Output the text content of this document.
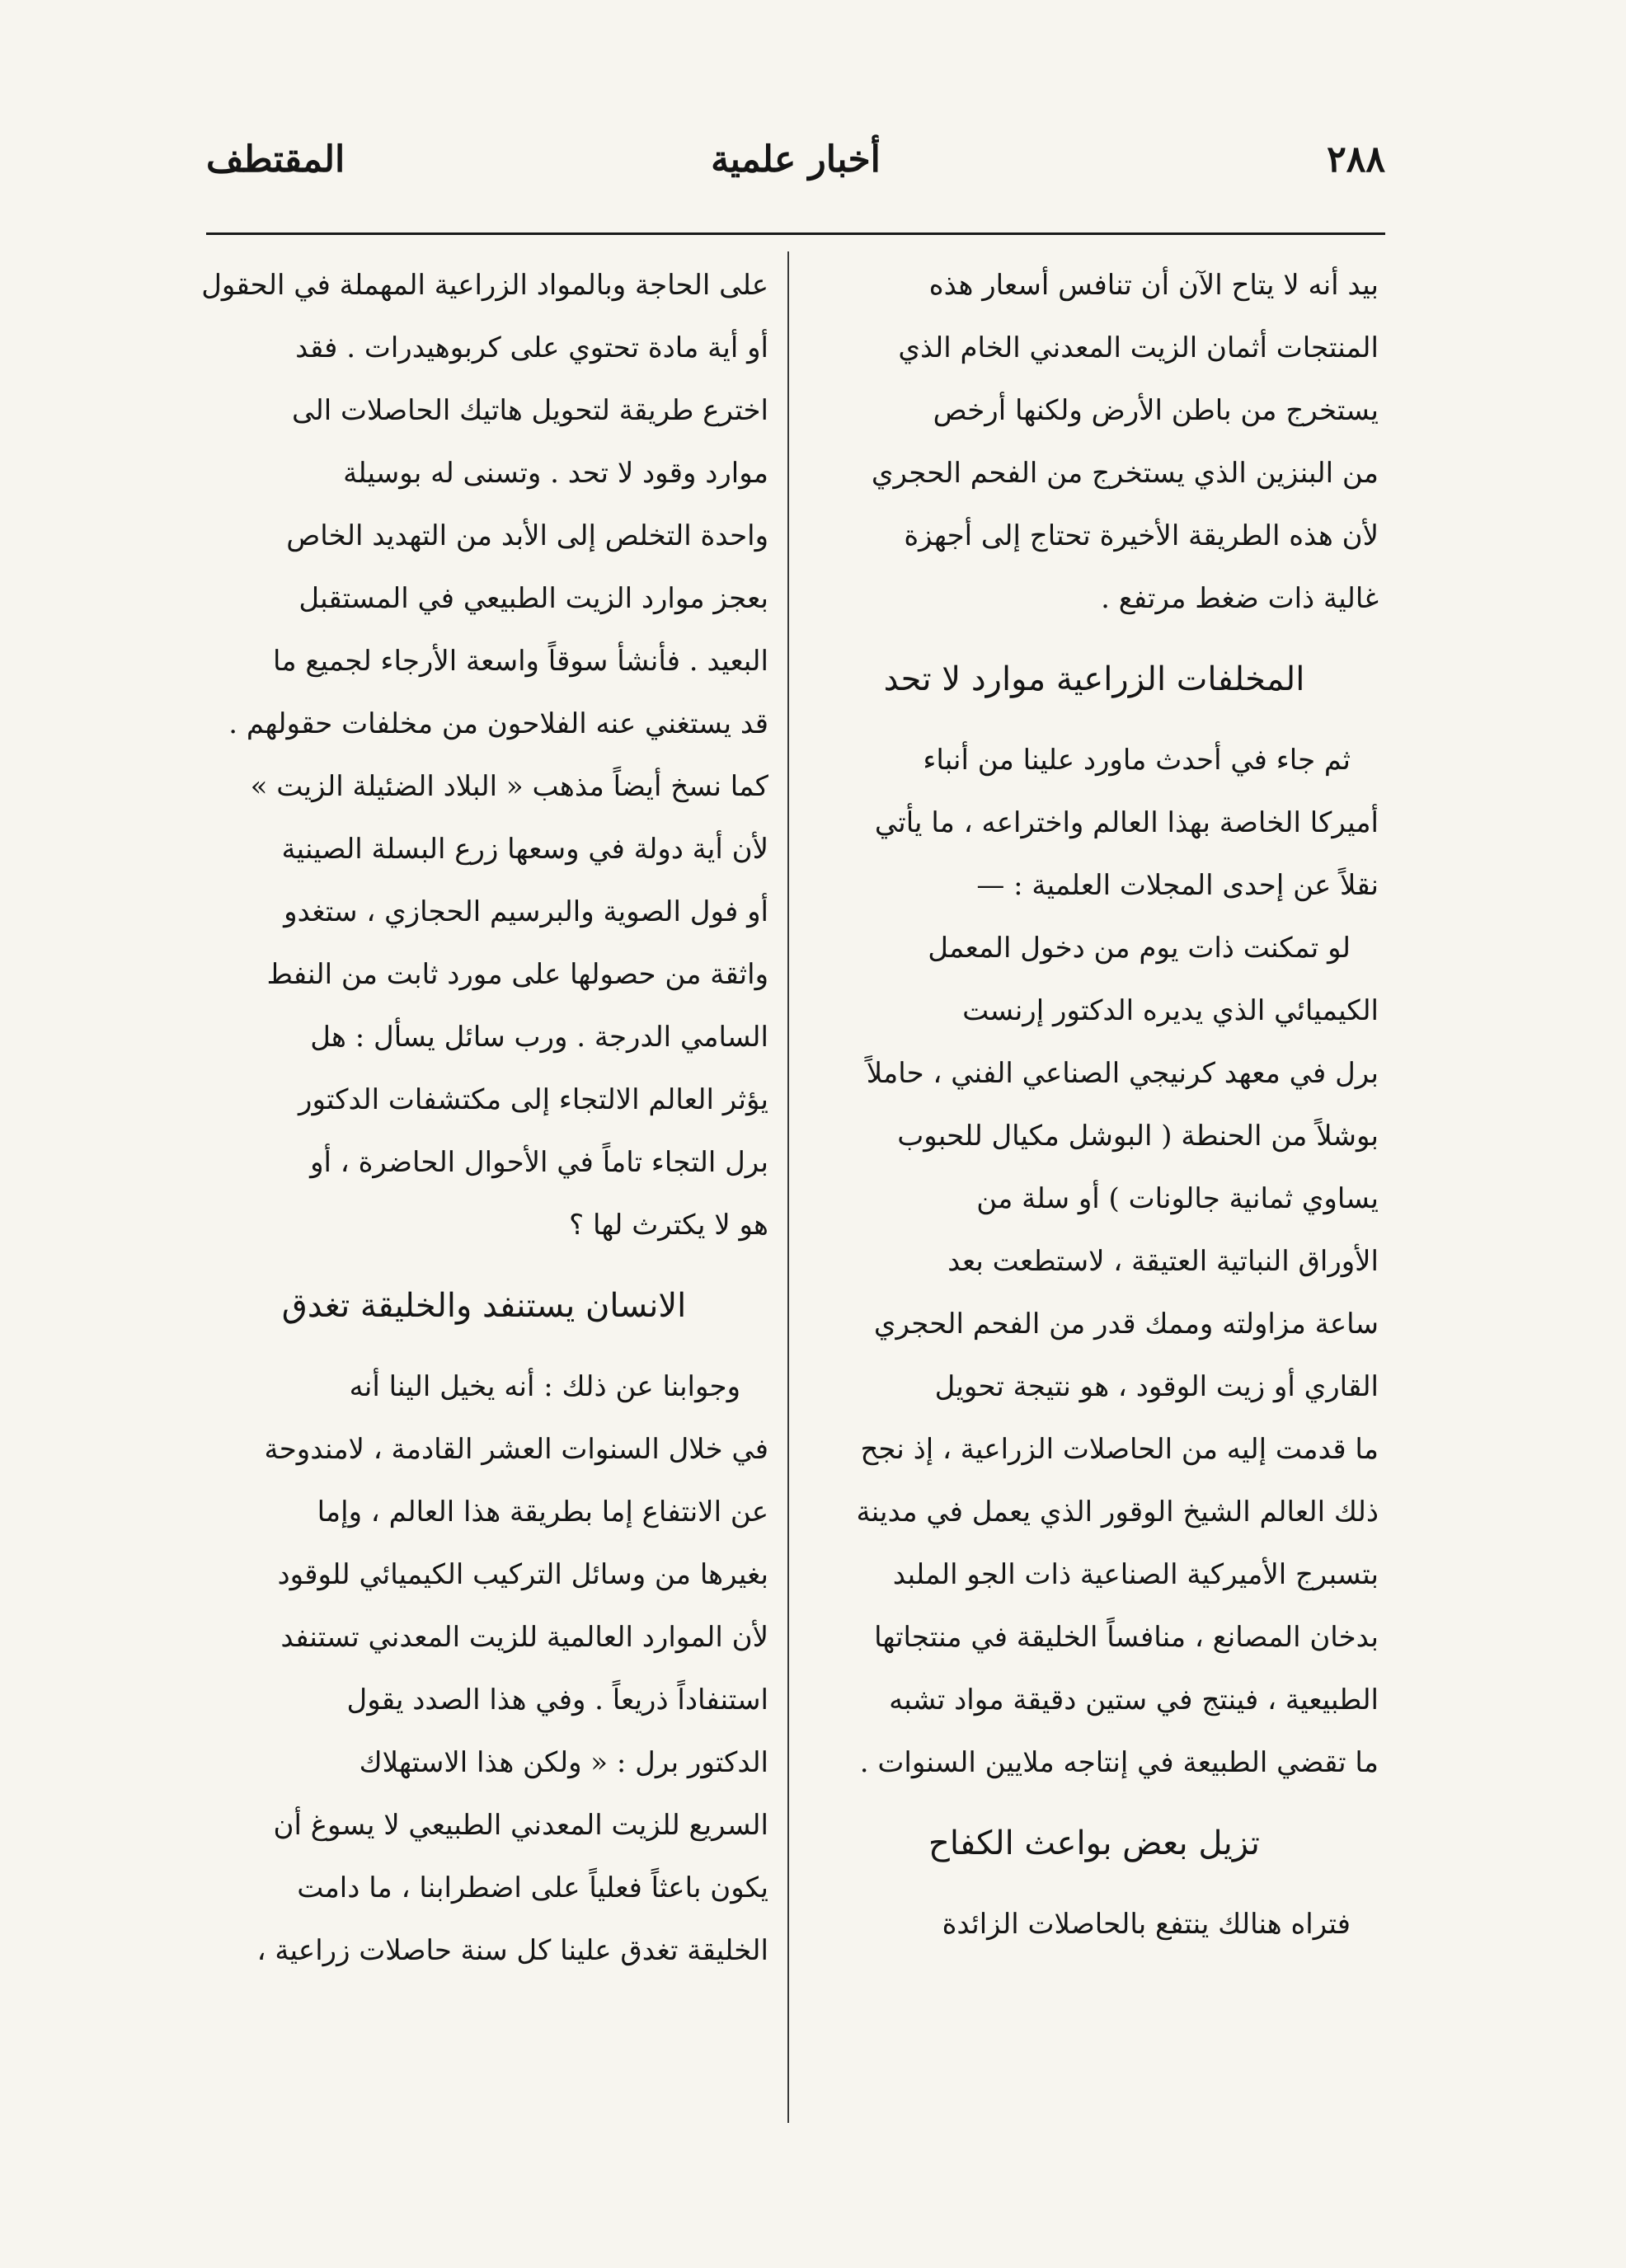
٢٨٨
أخبار علمية
المقتطف
بيد أنه لا يتاح الآن أن تنافس أسعار هذه
المنتجات أثمان الزيت المعدني الخام الذي
يستخرج من باطن الأرض ولكنها أرخص
من البنزين الذي يستخرج من الفحم الحجري
لأن هذه الطريقة الأخيرة تحتاج إلى أجهزة
غالية ذات ضغط مرتفع .
المخلفات الزراعية موارد لا تحد
ثم جاء في أحدث ماورد علينا من أنباء
أميركا الخاصة بهذا العالم واختراعه ، ما يأتي
نقلاً عن إحدى المجلات العلمية : —
لو تمكنت ذات يوم من دخول المعمل
الكيميائي الذي يديره الدكتور إرنست
برل في معهد كرنيجي الصناعي الفني ، حاملاً
بوشلاً من الحنطة ( البوشل مكيال للحبوب
يساوي ثمانية جالونات ) أو سلة من
الأوراق النباتية العتيقة ، لاستطعت بعد
ساعة مزاولته وممك قدر من الفحم الحجري
القاري أو زيت الوقود ، هو نتيجة تحويل
ما قدمت إليه من الحاصلات الزراعية ، إذ نجح
ذلك العالم الشيخ الوقور الذي يعمل في مدينة
بتسبرج الأميركية الصناعية ذات الجو الملبد
بدخان المصانع ، منافساً الخليقة في منتجاتها
الطبيعية ، فينتج في ستين دقيقة مواد تشبه
ما تقضي الطبيعة في إنتاجه ملايين السنوات .
تزيل بعض بواعث الكفاح
فتراه هنالك ينتفع بالحاصلات الزائدة
على الحاجة وبالمواد الزراعية المهملة في الحقول
أو أية مادة تحتوي على كربوهيدرات . فقد
اخترع طريقة لتحويل هاتيك الحاصلات الى
موارد وقود لا تحد . وتسنى له بوسيلة
واحدة التخلص إلى الأبد من التهديد الخاص
بعجز موارد الزيت الطبيعي في المستقبل
البعيد . فأنشأ سوقاً واسعة الأرجاء لجميع ما
قد يستغني عنه الفلاحون من مخلفات حقولهم .
كما نسخ أيضاً مذهب « البلاد الضئيلة الزيت »
لأن أية دولة في وسعها زرع البسلة الصينية
أو فول الصوية والبرسيم الحجازي ، ستغدو
واثقة من حصولها على مورد ثابت من النفط
السامي الدرجة . ورب سائل يسأل : هل
يؤثر العالم الالتجاء إلى مكتشفات الدكتور
برل التجاء تاماً في الأحوال الحاضرة ، أو
هو لا يكترث لها ؟
الانسان يستنفد والخليقة تغدق
وجوابنا عن ذلك : أنه يخيل الينا أنه
في خلال السنوات العشر القادمة ، لامندوحة
عن الانتفاع إما بطريقة هذا العالم ، وإما
بغيرها من وسائل التركيب الكيميائي للوقود
لأن الموارد العالمية للزيت المعدني تستنفد
استنفاداً ذريعاً . وفي هذا الصدد يقول
الدكتور برل : « ولكن هذا الاستهلاك
السريع للزيت المعدني الطبيعي لا يسوغ أن
يكون باعثاً فعلياً على اضطرابنا ، ما دامت
الخليقة تغدق علينا كل سنة حاصلات زراعية ،
